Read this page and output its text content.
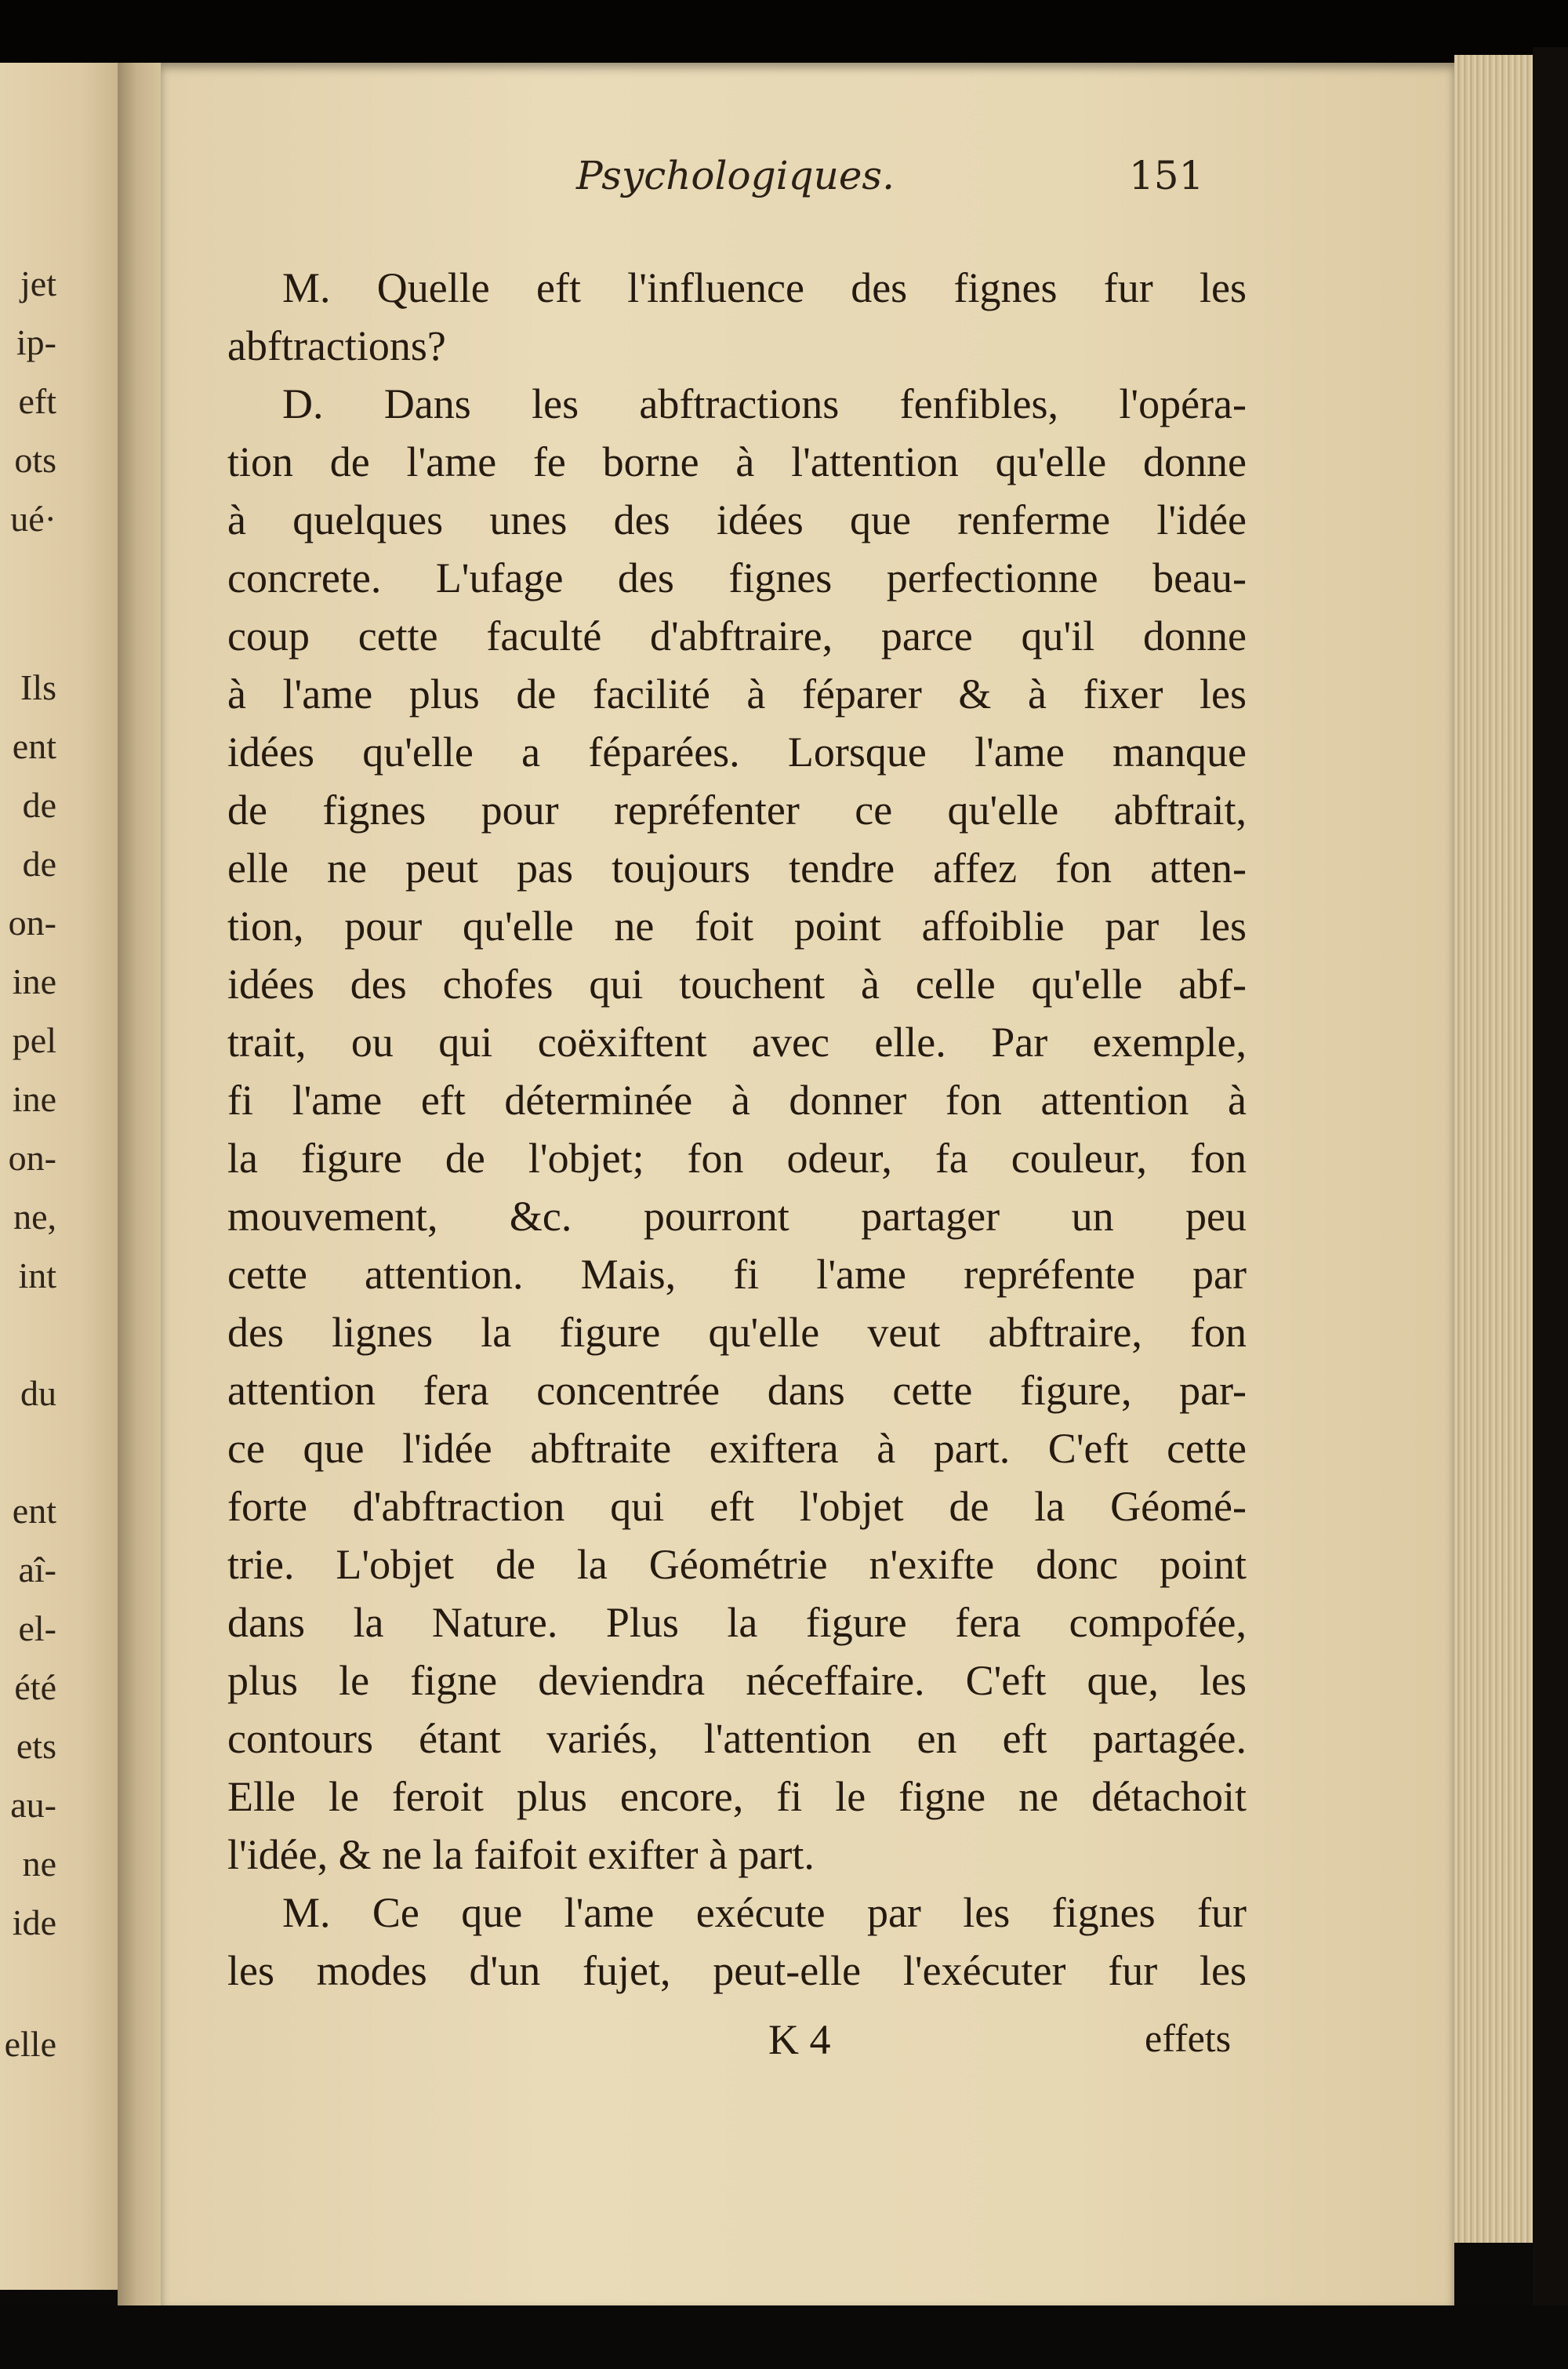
jet
ip-
eft
ots
ué·
Ils
ent
de
de
on-
ine
pel
ine
on-
ne,
int
du
ent
aî-
el-
été
ets
au-
ne
ide
elle
Psychologiques.	151
M. Quelle eft l'influence des fignes fur les
abftractions?
D. Dans les abftractions fenfibles, l'opéra-
tion de l'ame fe borne à l'attention qu'elle donne
à quelques unes des idées que renferme l'idée
concrete. L'ufage des fignes perfectionne beau-
coup cette faculté d'abftraire, parce qu'il donne
à l'ame plus de facilité à féparer & à fixer les
idées qu'elle a féparées. Lorsque l'ame manque
de fignes pour repréfenter ce qu'elle abftrait,
elle ne peut pas toujours tendre affez fon atten-
tion, pour qu'elle ne foit point affoiblie par les
idées des chofes qui touchent à celle qu'elle abf-
trait, ou qui coëxiftent avec elle. Par exemple,
fi l'ame eft déterminée à donner fon attention à
la figure de l'objet; fon odeur, fa couleur, fon
mouvement, &c. pourront partager un peu
cette attention. Mais, fi l'ame repréfente par
des lignes la figure qu'elle veut abftraire, fon
attention fera concentrée dans cette figure, par-
ce que l'idée abftraite exiftera à part. C'eft cette
forte d'abftraction qui eft l'objet de la Géomé-
trie. L'objet de la Géométrie n'exifte donc point
dans la Nature. Plus la figure fera compofée,
plus le figne deviendra néceffaire. C'eft que, les
contours étant variés, l'attention en eft partagée.
Elle le feroit plus encore, fi le figne ne détachoit
l'idée, & ne la faifoit exifter à part.
M. Ce que l'ame exécute par les fignes fur
les modes d'un fujet, peut-elle l'exécuter fur les
K 4	effets
